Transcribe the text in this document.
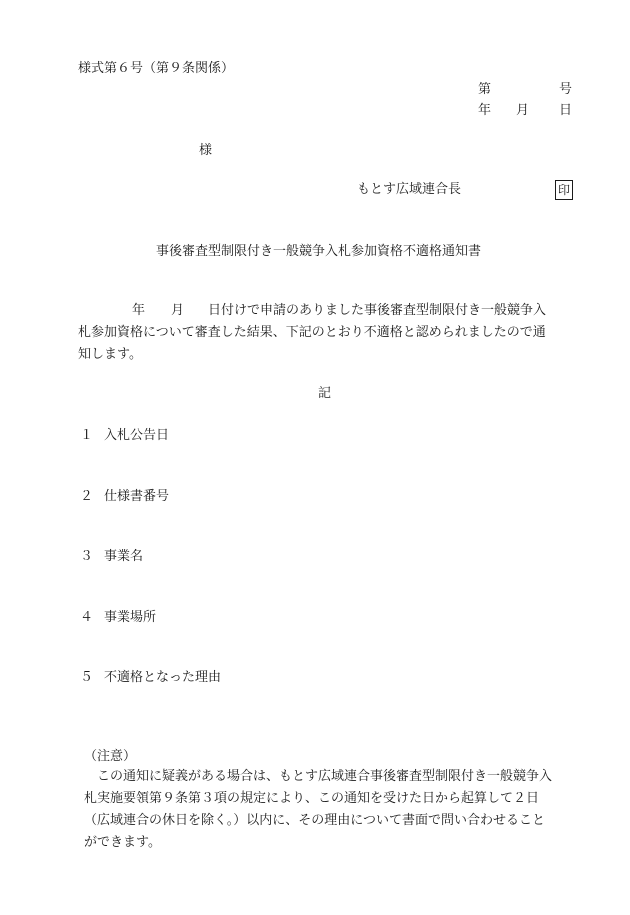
様式第６号（第９条関係）
第	号
年 月 日
様
もとす広域連合長	印
事後審査型制限付き一般競争入札参加資格不適格通知書
年 月 日付けで申請のありました事後審査型制限付き一般競争入
札参加資格について審査した結果、下記のとおり不適格と認められましたので通
知します。
記
１ 入札公告日
２ 仕様書番号
３ 事業名
４ 事業場所
５ 不適格となった理由
（注意）
　この通知に疑義がある場合は、もとす広域連合事後審査型制限付き一般競争入
札実施要領第９条第３項の規定により、この通知を受けた日から起算して２日
（広域連合の休日を除く。）以内に、その理由について書面で問い合わせること
ができます。
